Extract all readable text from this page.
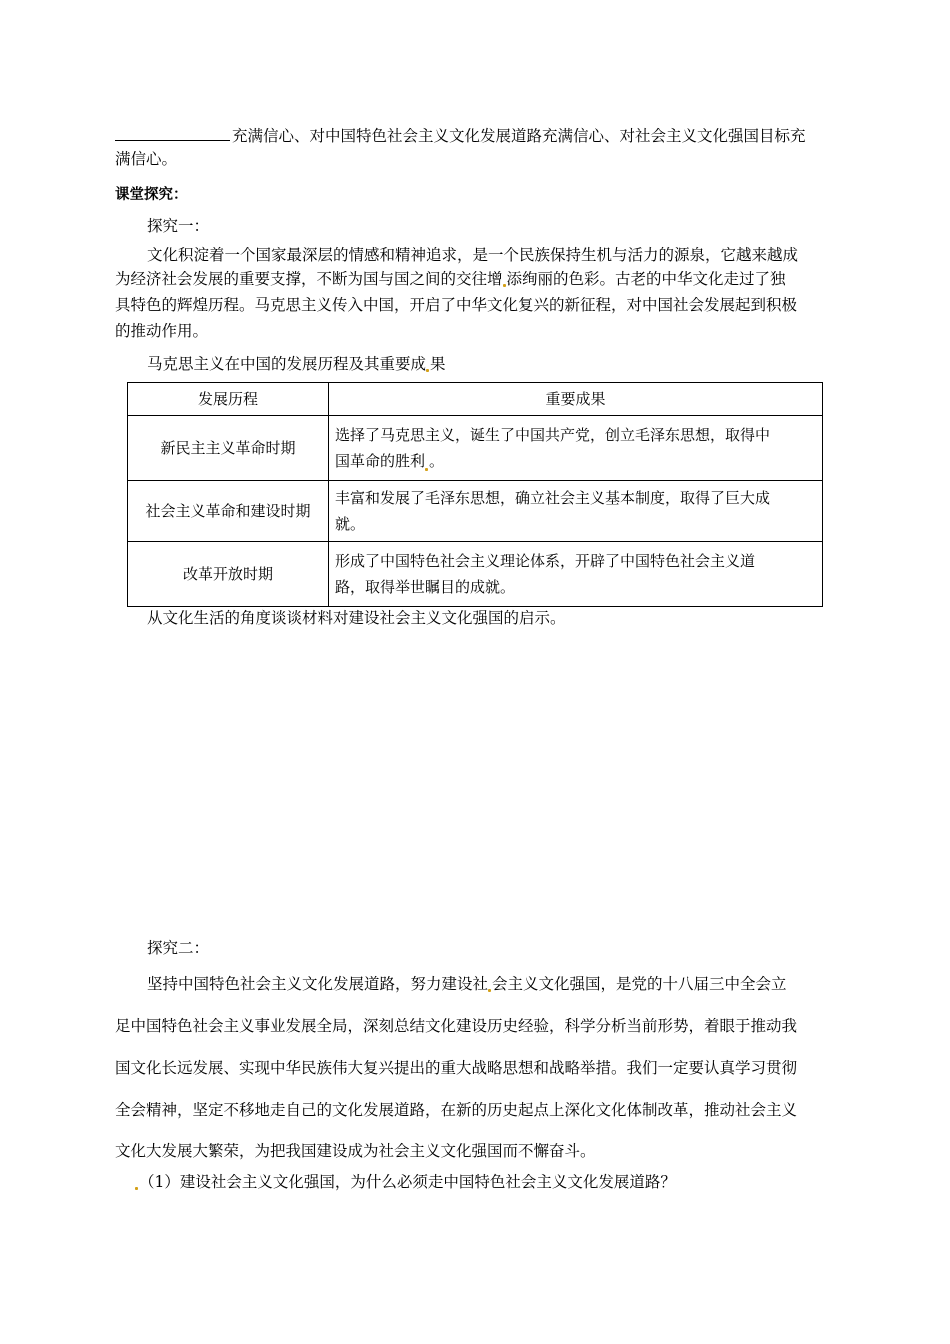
充满信心、对中国特色社会主义文化发展道路充满信心、对社会主义文化强国目标充
满信心。
课堂探究：
探究一：
文化积淀着一个国家最深层的情感和精神追求，是一个民族保持生机与活力的源泉，它越来越成
为经济社会发展的重要支撑，不断为国与国之间的交往增 添绚丽的色彩。古老的中华文化走过了独
具特色的辉煌历程。马克思主义传入中国，开启了中华文化复兴的新征程，对中国社会发展起到积极
的推动作用。
马克思主义在中国的发展历程及其重要成 果
发展历程	重要成果
新民主主义革命时期	选择了马克思主义，诞生了中国共产党，创立毛泽东思想，取得中
国革命的胜利 。
社会主义革命和建设时期	丰富和发展了毛泽东思想，确立社会主义基本制度，取得了巨大成
就。
改革开放时期	形成了中国特色社会主义理论体系，开辟了中国特色社会主义道
路，取得举世瞩目的成就。
从文化生活的角度谈谈材料对建设社会主义文化强国的启示。
探究二：
坚持中国特色社会主义文化发展道路，努力建设社 会主义文化强国，是党的十八届三中全会立
足中国特色社会主义事业发展全局，深刻总结文化建设历史经验，科学分析当前形势，着眼于推动我
国文化长远发展、实现中华民族伟大复兴提出的重大战略思想和战略举措。我们一定要认真学习贯彻
全会精神，坚定不移地走自己的文化发展道路，在新的历史起点上深化文化体制改革，推动社会主义
文化大发展大繁荣，为把我国建设成为社会主义文化强国而不懈奋斗。
（1）建设社会主义文化强国，为什么必须走中国特色社会主义文化发展道路？
